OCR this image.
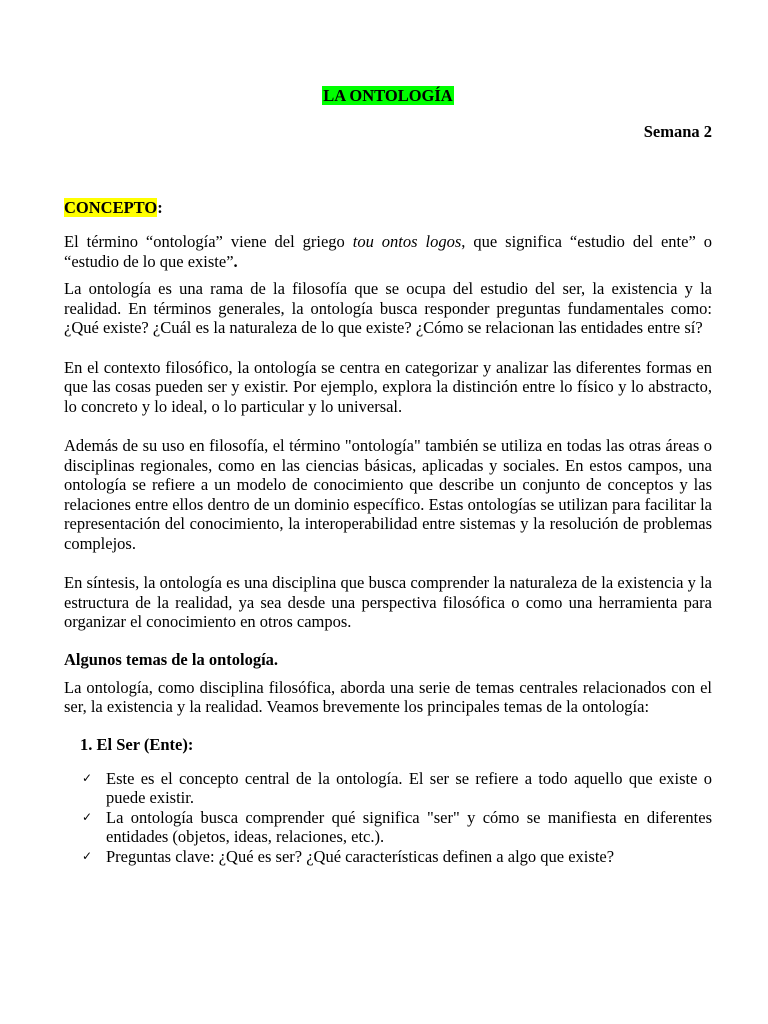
LA ONTOLOGÍA
Semana 2
CONCEPTO:

El término “ontología” viene del griego tou ontos logos, que significa “estudio del ente” o “estudio de lo que existe”.

La ontología es una rama de la filosofía que se ocupa del estudio del ser, la existencia y la realidad. En términos generales, la ontología busca responder preguntas fundamentales como: ¿Qué existe? ¿Cuál es la naturaleza de lo que existe? ¿Cómo se relacionan las entidades entre sí?

En el contexto filosófico, la ontología se centra en categorizar y analizar las diferentes formas en que las cosas pueden ser y existir. Por ejemplo, explora la distinción entre lo físico y lo abstracto, lo concreto y lo ideal, o lo particular y lo universal.

Además de su uso en filosofía, el término "ontología" también se utiliza en todas las otras áreas o disciplinas regionales, como en las ciencias básicas, aplicadas y sociales. En estos campos, una ontología se refiere a un modelo de conocimiento que describe un conjunto de conceptos y las relaciones entre ellos dentro de un dominio específico. Estas ontologías se utilizan para facilitar la representación del conocimiento, la interoperabilidad entre sistemas y la resolución de problemas complejos.

En síntesis, la ontología es una disciplina que busca comprender la naturaleza de la existencia y la estructura de la realidad, ya sea desde una perspectiva filosófica o como una herramienta para organizar el conocimiento en otros campos.

Algunos temas de la ontología.

La ontología, como disciplina filosófica, aborda una serie de temas centrales relacionados con el ser, la existencia y la realidad. Veamos brevemente los principales temas de la ontología:

1. El Ser (Ente):
✓ Este es el concepto central de la ontología. El ser se refiere a todo aquello que existe o puede existir.
✓ La ontología busca comprender qué significa "ser" y cómo se manifiesta en diferentes entidades (objetos, ideas, relaciones, etc.).
✓ Preguntas clave: ¿Qué es ser? ¿Qué características definen a algo que existe?
